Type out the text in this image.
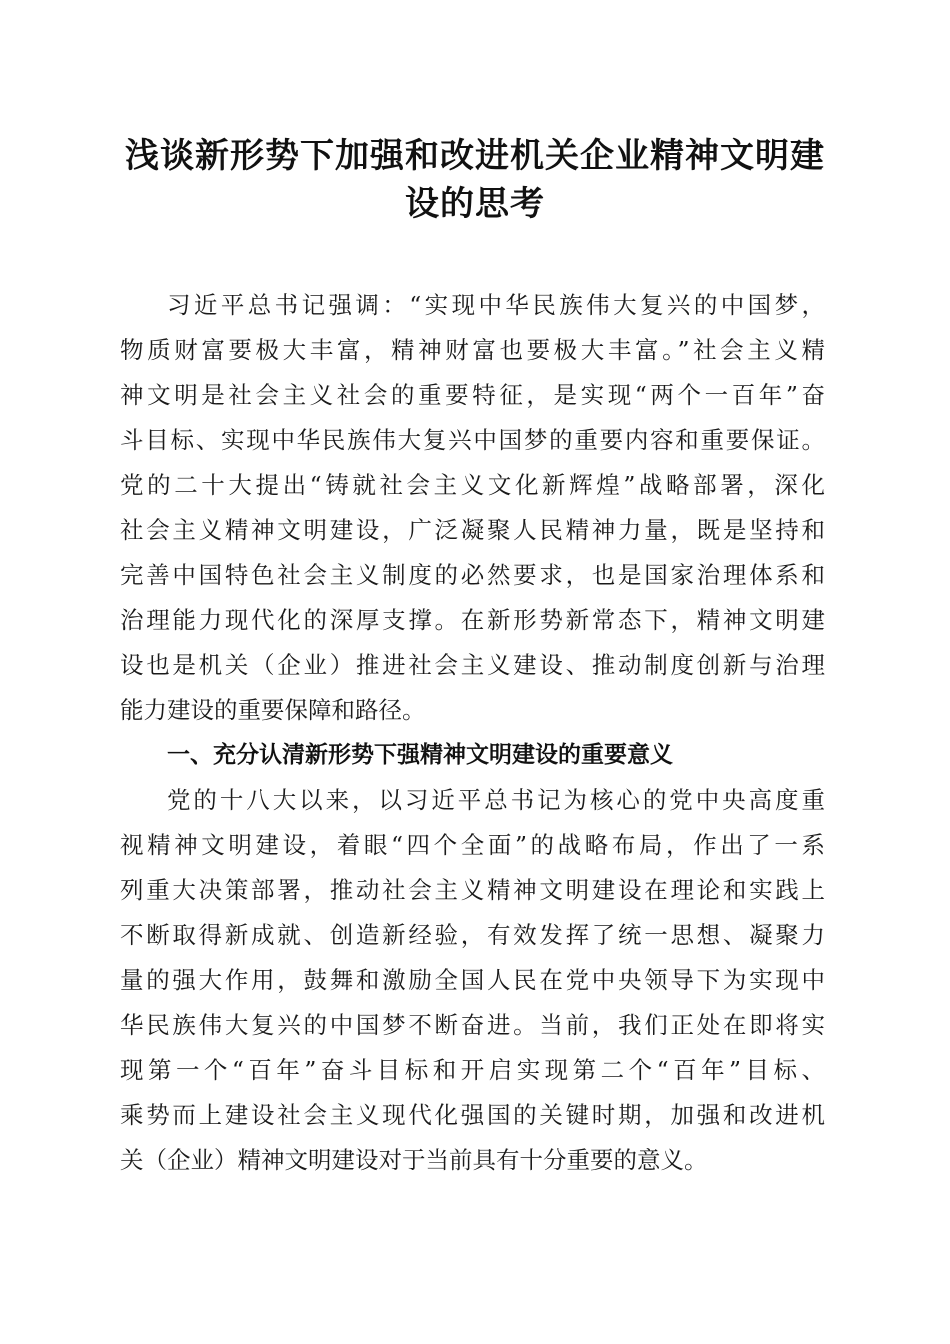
浅谈新形势下加强和改进机关企业精神文明建
设的思考
习近平总书记强调：“实现中华民族伟大复兴的中国梦，
物质财富要极大丰富，精神财富也要极大丰富。”社会主义精
神文明是社会主义社会的重要特征，是实现“两个一百年”奋
斗目标、实现中华民族伟大复兴中国梦的重要内容和重要保证。
党的二十大提出“铸就社会主义文化新辉煌”战略部署，深化
社会主义精神文明建设，广泛凝聚人民精神力量，既是坚持和
完善中国特色社会主义制度的必然要求，也是国家治理体系和
治理能力现代化的深厚支撑。在新形势新常态下，精神文明建
设也是机关（企业）推进社会主义建设、推动制度创新与治理
能力建设的重要保障和路径。
一、充分认清新形势下强精神文明建设的重要意义
党的十八大以来，以习近平总书记为核心的党中央高度重
视精神文明建设，着眼“四个全面”的战略布局，作出了一系
列重大决策部署，推动社会主义精神文明建设在理论和实践上
不断取得新成就、创造新经验，有效发挥了统一思想、凝聚力
量的强大作用，鼓舞和激励全国人民在党中央领导下为实现中
华民族伟大复兴的中国梦不断奋进。当前，我们正处在即将实
现第一个“百年”奋斗目标和开启实现第二个“百年”目标、
乘势而上建设社会主义现代化强国的关键时期，加强和改进机
关（企业）精神文明建设对于当前具有十分重要的意义。
